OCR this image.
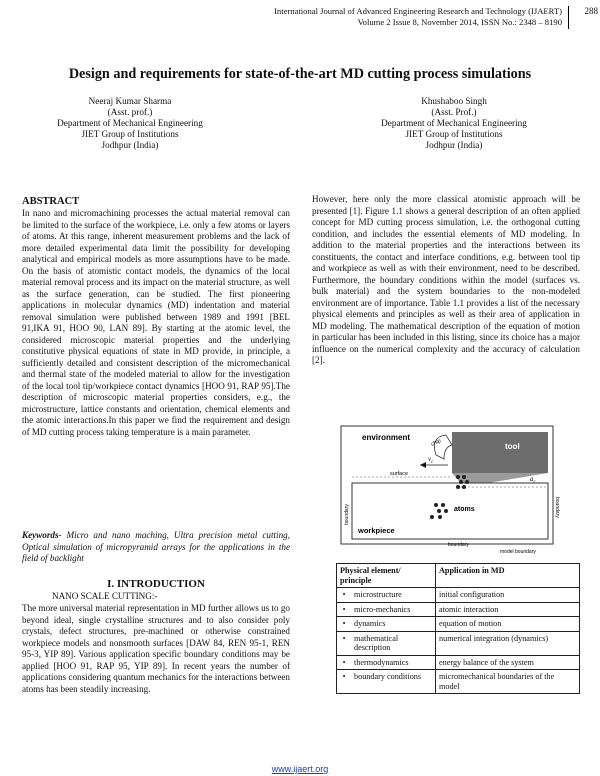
International Journal of Advanced Engineering Research and Technology (IJAERT)
Volume 2 Issue 8, November 2014, ISSN No.: 2348 – 8190
288
Design and requirements for state-of-the-art MD cutting process simulations
Neeraj Kumar Sharma
(Asst. prof.)
Department of Mechanical Engineering
JIET Group of Institutions
Jodhpur (India)
Khushaboo Singh
(Asst. Prof.)
Department of Mechanical Engineering
JIET Group of Institutions
Jodhpur (India)
ABSTRACT

In nano and micromachining processes the actual material removal can be limited to the surface of the workpiece, i.e. only a few atoms or layers of atoms. At this range, inherent measurement problems and the lack of more detailed experimental data limit the possibility for developing analytical and empirical models as more assumptions have to be made. On the basis of atomistic contact models, the dynamics of the local material removal process and its impact on the material structure, as well as the surface generation, can be studied. The first pioneering applications in molecular dynamics (MD) indentation and material removal simulation were published between 1989 and 1991 [BEL 91,IKA 91, HOO 90, LAN 89]. By starting at the atomic level, the considered microscopic material properties and the underlying constitutive physical equations of state in MD provide, in principle, a sufficiently detailed and consistent description of the micromechanical and thermal state of the modeled material to allow for the investigation of the local tool tip/workpiece contact dynamics [HOO 91, RAP 95].The description of microscopic material properties considers, e.g., the microstructure, lattice constants and orientation, chemical elements and the atomic interactions.In this paper we find the requirement and design of MD cutting process taking temperature is a main parameter.

Keywords- Micro and nano maching, Ultra precision metal cutting, Optical simulation of micropyramid arrays for the applications in the field of backlight
I. INTRODUCTION
NANO SCALE CUTTING:-

The more universal material representation in MD further allows us to go beyond ideal, single crystalline structures and to also consider poly crystals, defect structures, pre-machined or otherwise constrained workpiece models and nonsmooth surfaces [DAW 84, REN 95-1, REN 95-3, YIP 89]. Various application specific boundary conditions may be applied [HOO 91, RAP 95, YIP 89]. In recent years the number of applications considering quantum mechanics for the interactions between atoms has been steadily increasing.

However, here only the more classical atomistic approach will be presented [1]. Figure 1.1 shows a general description of an often applied concept for MD cutting process simulation, i.e. the orthogonal cutting condition, and includes the essential elements of MD modeling. In addition to the material properties and the interactions between its constituents, the contact and interface conditions, e.g. between tool tip and workpiece as well as with their environment, need to be described. Furthermore, the boundary conditions within the model (surfaces vs. bulk material) and the system boundaries to the non-modeled environment are of importance. Table 1.1 provides a list of the necessary physical elements and principles as well as their area of application in MD modeling. The mathematical description of the equation of motion in particular has been included in this listing, since its choice has a major influence on the numerical complexity and the accuracy of calculation [2].

environment
tool
chip
$v_c$
surface
$a_c$
atoms
boundary	boundary
workpiece
boundary
model boundary
Physical element/ principle		Application in MD
•	microstructure	initial configuration
•	micro-mechanics	atomic interaction
•	dynamics	equation of motion
•	mathematical description	numerical integration (dynamics)
•	thermodynamics	energy balance of the system
•	boundary conditions	micromechanical boundaries of the model
www.ijaert.org
